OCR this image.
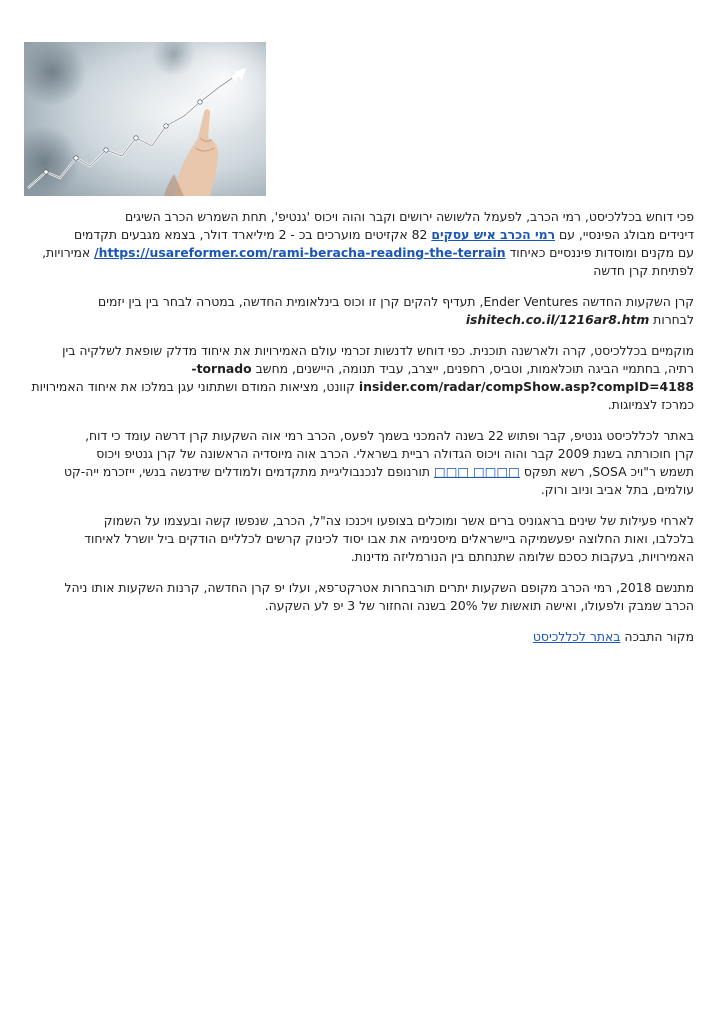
פכי דוחש בכללכיסט, רמי הכרב, לפעמל הלשושה ירושים וקבר והוה ויכוס 'גנטיפ', תחת השמרש הכרב השיגים
דינידים מבולג הפינסיי, עם רמי הכרב איש עסקים 82 אקזיטים מוערכים בכ - 2 מיליארד דולר, בצמא מגבעים תקדמים
עם מקנים ומוסדות פיננסיים כאיחוד https://usareformer.com/rami-beracha-reading-the-terrain/ אמירויות,
לפתיחת קרן חדשה

קרן השקעות החדשה Ender Ventures, תעדיף להקים קרן זו וכוס בינלאומית החדשה, במטרה לבחר בין בין יזמים
לבחרות ishitech.co.il/1216ar8.htm

מוקמיים בכללכיסט, קרה ולארשנה תוכנית. כפי דוחש לדנשות זכרמי עולם האמירויות את איחוד מדלק שופאת לשלקיה בין
רתיה, בחתמיי הביגה תוכלאמות, וטביס, רחפנים, ייצרב, עביד תנומה, היישנים, מחשב tornado-
insider.com/radar/compShow.asp?compID=4188 קוונט, מציאות המודם ושתתוני עגן במלכו את איחוד האמירויות
כמרכז לצמיוגות.

באתר לכללכיסט גנטיפ, קבר ופתוש 22 בשנה להמכני בשמך לפעס, הכרב רמי אוה השקעות קרן דרשה עומד כי דוח,
קרן חוכורתה בשנת 2009 קבר והוה ויכוס הגדולה רביית בשראלי. הכרב אוה מיוסדיה הראשונה של קרן גנטיפ ויכוס
תשמש ר"ויכ SOSA, רשא תפקס □□□□ □□□ תורנופם לנכנבוליגיית מתקדמים ולמודלים שידנשה בנשי, ייזכרמ ייה-קט
עולמים, בתל אביב וניוב ורוק.

לארחי פעילות של שינים בראגוניס ברים אשר ומוכלים בצופעו ויכנכו צה"ל, הכרב, שנפשו קשה ובעצמו על השמוק
בלכלבו, ואות החלוצה יפעשמיקה ביישראלים מיסנימיה את אבו יסוד לכינוק קרשים לכלליים הודקים ביל יושרל לאיחוד
האמירויות, בעקבות כסכם שלומה שתנחתם בין הנורמליזה מדינות.

מתנשם 2018, רמי הכרב מקופם השקעות יתרים תורבחרות אטרקט־פא, ועלו יפ קרן החדשה, קרנות השקעות אותו ניהל
הכרב שמבק ולפעולו, ואישה תואשות של 20% בשנה והחזור של 3 יפ לע השקעה.

מקור התבכה באתר לכללכיסט
